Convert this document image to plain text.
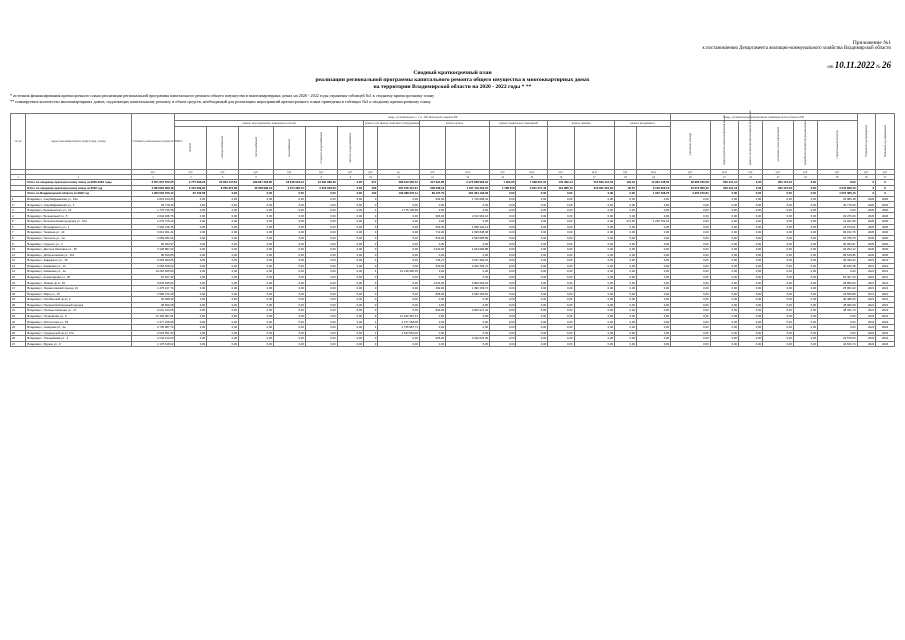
Приложение №1
к постановлению Департамента жилищно-коммунального хозяйства Владимирской области
от 10.11.2022 № 26
Сводный краткосрочный план
реализации региональной программы капитального ремонта общего имущества в многоквартирных домах
на территории Владимирской области на 2020 - 2022 годы * **
* источник финансирования краткосрочного плана реализации региональной программы капитального ремонта общего имущества в многоквартирных домах на 2020 - 2022 годы отражены таблицей №1 к сводному краткосрочному плану
** планируемое количество многоквартирных домов, подлежащих капитальному ремонту и объем средств, необходимый для реализации мероприятий краткосрочного плана приведены в таблицах №2 к сводному краткосрочному плану
№ п/п	Адрес многоквартирного дома (город, улица)	Стоимость капитального ремонта ВСЕГО	виды, установленные ч. 1 ст. 166 Жилищного кодекса РФ																виды, установленные нормативным правовым актом субъекта РФ						Плановый год проведения	Плановый год завершения
			ремонт внутридомовых инженерных систем						ремонт или замена лифтового оборудования		ремонт крыши		ремонт подвальных помещений		ремонт фасада		ремонт фундамента		утепление фасада	переустройство невентилируемой крыши	ремонт систем противопожарной автоматики	установка узлов управления	разработка проектной документации	строительный контроль		
			ВСЕГО	электроснабжения	теплоснабжения	газоснабжения	холодного водоснабжения	горячего водоснабжения																		
		руб.	руб.	руб.	руб.	руб.	руб.	руб.	руб.	ед.	руб.	кв.м	руб.	кв.м	руб.	кв.м	руб.	кв.м	руб.	кв.м	руб.	руб.	руб.	руб.	руб.	руб.
1	2	3	4	5	6	7	8	9	10	11	12	13	14	15	16	17	18	19	20	21	22	23	24	25	26	27
	Итого по сводному краткосрочному плану за 2020-2022 годы	6 551 807 872,25	2 775 396,24	22 853 447,81	189 827 463,85	18 818 018,12	13 934 985,30	0,00	371	468 943 556,12	317 937,80	2 475 638 962,64	1 922,05	7 368 021,50	133 369,14	515 829 134,04	124,34	11 861 248,35	48 966 016,58	506 414,41	0,00	484 172,43	0,00	8,00	X	X
	Итого по сводному краткосрочному плану за 2022 год	2 384 862 286,43	2 343 299,22	8 260 375,38	45 258 996,13	3 074 396,72	2 919 953,03	0,00	194	297 708 401,67	208 498,13	1 197 118 364,67	1 788 019	5 621 371,42	119 985,73	316 961 361,64	95,57	9 163 306,73	23 270 805,22	506 414,41	0,00	484 172,43	0,00	3 210 826,10	X	X
	Итого по Владимирской области за 2022 год	1 260 063 705,14	87 102,58	0,00	0,00	0,00	0,00	0,00	102	169 388 207,11	89 427,70	481 064 193,59	0,00	0,00	0,00	0,00	0,00	1 037 498,70	4 255 272,84	0,00	0,00	0,00	0,00	1 507 385,13	X	X
1	Владимир г, Азербайджанская ул., 15а	1 823 313,26	0,00	0,00	0,00	0,00	0,00	0,00	0	0,00	594,60	1 726 898,44	0,00	0,00	0,00	0,00	0,00	0,00	0,00	0,00	0,00	0,00	0,00	25 986,18	2020	2020
2	Владимир г, Азербайджанская ул., 1	49 778,40	0,00	0,00	0,00	0,00	0,00	0,00	0	0,00	0,00	0,00	0,00	0,00	0,00	0,00	0,00	0,00	0,00	0,00	0,00	0,00	0,00	49 778,40	2020	2020
3	Владимир г, Безыменского ул., 1б	1 775 736,58	0,00	0,00	0,00	0,00	0,00	0,00	1	1 775 736,58	0,00	0,00	0,00	0,00	0,00	0,00	0,00	0,00	0,00	0,00	0,00	0,00	0,00	0,00	2020	2020
4	Владимир г, Больничный пр., 5	2 644 928,76	0,00	0,00	0,00	0,00	0,00	0,00	0	0,00	996,00	2 611 991,16	0,00	0,00	0,00	0,00	0,00	0,00	0,00	0,00	0,00	0,00	0,00	32 376,60	2020	2020
5	Владимир г, Большая Нижегородская ул., 67а	1 276 715,22	0,00	0,00	0,00	0,00	0,00	0,00	0	0,00	0,00	0,00	0,00	0,00	0,00	0,00	371,50	1 262 794,16	0,00	0,00	0,00	0,00	0,00	13 921,06	2020	2020
6	Владимир г, Володарского ул., 1	1 992 136,15	0,00	0,00	0,00	0,00	0,00	0,00	0	0,00	652,00	1 968 162,14	0,00	0,00	0,00	0,00	0,00	0,00	0,00	0,00	0,00	0,00	0,00	23 974,01	2020	2020
7	Владимир г, Гагарина ул., 24	3 013 001,24	0,00	0,00	0,00	0,00	0,00	0,00	0	0,00	713,00	2 930 848,48	0,00	0,00	0,00	0,00	0,00	0,00	0,00	0,00	0,00	0,00	0,00	82 152,76	2020	2020
8	Владимир г, Гастелло ул., 1а	2 659 381,64	0,00	0,00	0,00	0,00	0,00	0,00	0	0,00	812,00	2 594 585,89	0,00	0,00	0,00	0,00	0,00	0,00	0,00	0,00	0,00	0,00	0,00	64 795,75	2020	2020
9	Владимир г, Горького ул., 3	96 094,97	0,00	0,00	0,00	0,00	0,00	0,00	0	0,00	0,00	0,00	0,00	0,00	0,00	0,00	0,00	0,00	0,00	0,00	0,00	0,00	0,00	96 094,97	2020	2020
10	Владимир г, Диктора Левитана ул., 18	3 128 887,00	0,00	0,00	0,00	0,00	0,00	0,00	0	0,00	1 040,00	3 034 682,88	0,00	0,00	0,00	0,00	0,00	0,00	0,00	0,00	0,00	0,00	0,00	94 204,12	2020	2020
11	Владимир г, Добросельская ул., 161	89 519,85	0,00	0,00	0,00	0,00	0,00	0,00	0	0,00	0,00	0,00	0,00	0,00	0,00	0,00	0,00	0,00	0,00	0,00	0,00	0,00	0,00	89 519,85	2020	2020
12	Владимир г, Завадского ул., 15	2 553 923,66	0,00	0,00	0,00	0,00	0,00	0,00	0	0,00	746,27	2 517 484,24	0,00	0,00	0,00	0,00	0,00	0,00	0,00	0,00	0,00	0,00	0,00	36 439,42	2021	2021
13	Владимир г, Каманина ул., 12	2 052 516,02	0,00	0,00	0,00	0,00	0,00	0,00	0	0,00	640,00	2 022 333,74	0,00	0,00	0,00	0,00	0,00	0,00	0,00	0,00	0,00	0,00	0,00	30 182,28	2021	2021
14	Владимир г, Каманина ул., 1а	10 218 465,09	0,00	0,00	0,00	0,00	0,00	0,00	4	10 218 465,09	0,00	0,00	0,00	0,00	0,00	0,00	0,00	0,00	0,00	0,00	0,00	0,00	0,00	0,00	2021	2021
15	Владимир г, Комиссарова ул., 35	52 467,34	0,00	0,00	0,00	0,00	0,00	0,00	0	0,00	0,00	0,00	0,00	0,00	0,00	0,00	0,00	0,00	0,00	0,00	0,00	0,00	0,00	52 467,34	2021	2021
16	Владимир г, Ленина пр-кт, 35	3 878 945,64	0,00	0,00	0,00	0,00	0,00	0,00	0	0,00	1 026,00	3 809 992,64	0,00	0,00	0,00	0,00	0,00	0,00	0,00	0,00	0,00	0,00	0,00	68 953,00	2021	2021
17	Владимир г, Лермонтовский проезд, 10	1 475 217,74	0,00	0,00	0,00	0,00	0,00	0,00	0	0,00	492,00	1 450 156,72	0,00	0,00	0,00	0,00	0,00	0,00	0,00	0,00	0,00	0,00	0,00	25 061,02	2021	2021
18	Владимир г, Мира ул., 15	2 986 720,48	0,00	0,00	0,00	0,00	0,00	0,00	0	0,00	828,00	2 943 154,60	0,00	0,00	0,00	0,00	0,00	0,00	0,00	0,00	0,00	0,00	0,00	43 565,88	2021	2021
19	Владимир г, Октябрьский пр-кт, 2	36 488,30	0,00	0,00	0,00	0,00	0,00	0,00	0	0,00	0,00	0,00	0,00	0,00	0,00	0,00	0,00	0,00	0,00	0,00	0,00	0,00	0,00	36 488,30	2021	2021
20	Владимир г, Перекопский военный городок	48 960,28	0,00	0,00	0,00	0,00	0,00	0,00	0	0,00	0,00	0,00	0,00	0,00	0,00	0,00	0,00	0,00	0,00	0,00	0,00	0,00	0,00	48 960,28	2021	2021
21	Владимир г, Полины Осипенко ул., 17	2 641 313,05	0,00	0,00	0,00	0,00	0,00	0,00	0	0,00	830,00	2 602 971,32	0,00	0,00	0,00	0,00	0,00	0,00	0,00	0,00	0,00	0,00	0,00	38 341,73	2021	2021
22	Владимир г, Почаевская ул., 9	12 182 387,91	0,00	0,00	0,00	0,00	0,00	0,00	5	12 182 387,91	0,00	0,00	0,00	0,00	0,00	0,00	0,00	0,00	0,00	0,00	0,00	0,00	0,00	0,00	2022	2022
23	Владимир г, Растопчина ул., 53	2 377 168,08	0,00	0,00	0,00	0,00	0,00	0,00	1	2 377 168,08	0,00	0,00	0,00	0,00	0,00	0,00	0,00	0,00	0,00	0,00	0,00	0,00	0,00	0,00	2022	2022
24	Владимир г, Северная ул., 2а	2 735 987,73	0,00	0,00	0,00	0,00	0,00	0,00	1	2 735 987,73	0,00	0,00	0,00	0,00	0,00	0,00	0,00	0,00	0,00	0,00	0,00	0,00	0,00	0,00	2022	2022
25	Владимир г, Суздальский пр-кт, 17а	2 533 551,00	0,00	0,00	0,00	0,00	0,00	0,00	1	2 533 551,00	0,00	0,00	0,00	0,00	0,00	0,00	0,00	0,00	0,00	0,00	0,00	0,00	0,00	0,00	2022	2022
26	Владимир г, Тихонравова ул., 3	2 243 210,03	0,00	0,00	0,00	0,00	0,00	0,00	0	0,00	665,00	2 220 633,39	0,00	0,00	0,00	0,00	0,00	0,00	0,00	0,00	0,00	0,00	0,00	22 576,64	2022	2022
27	Владимир г, Фрунзе ул., 6	1 178 618,02	0,00	0,00	0,00	0,00	0,00	0,00	0	0,00	0,00	0,00	0,00	0,00	0,00	0,00	0,00	0,00	0,00	0,00	0,00	0,00	0,00	44 816,74	2022	2022
